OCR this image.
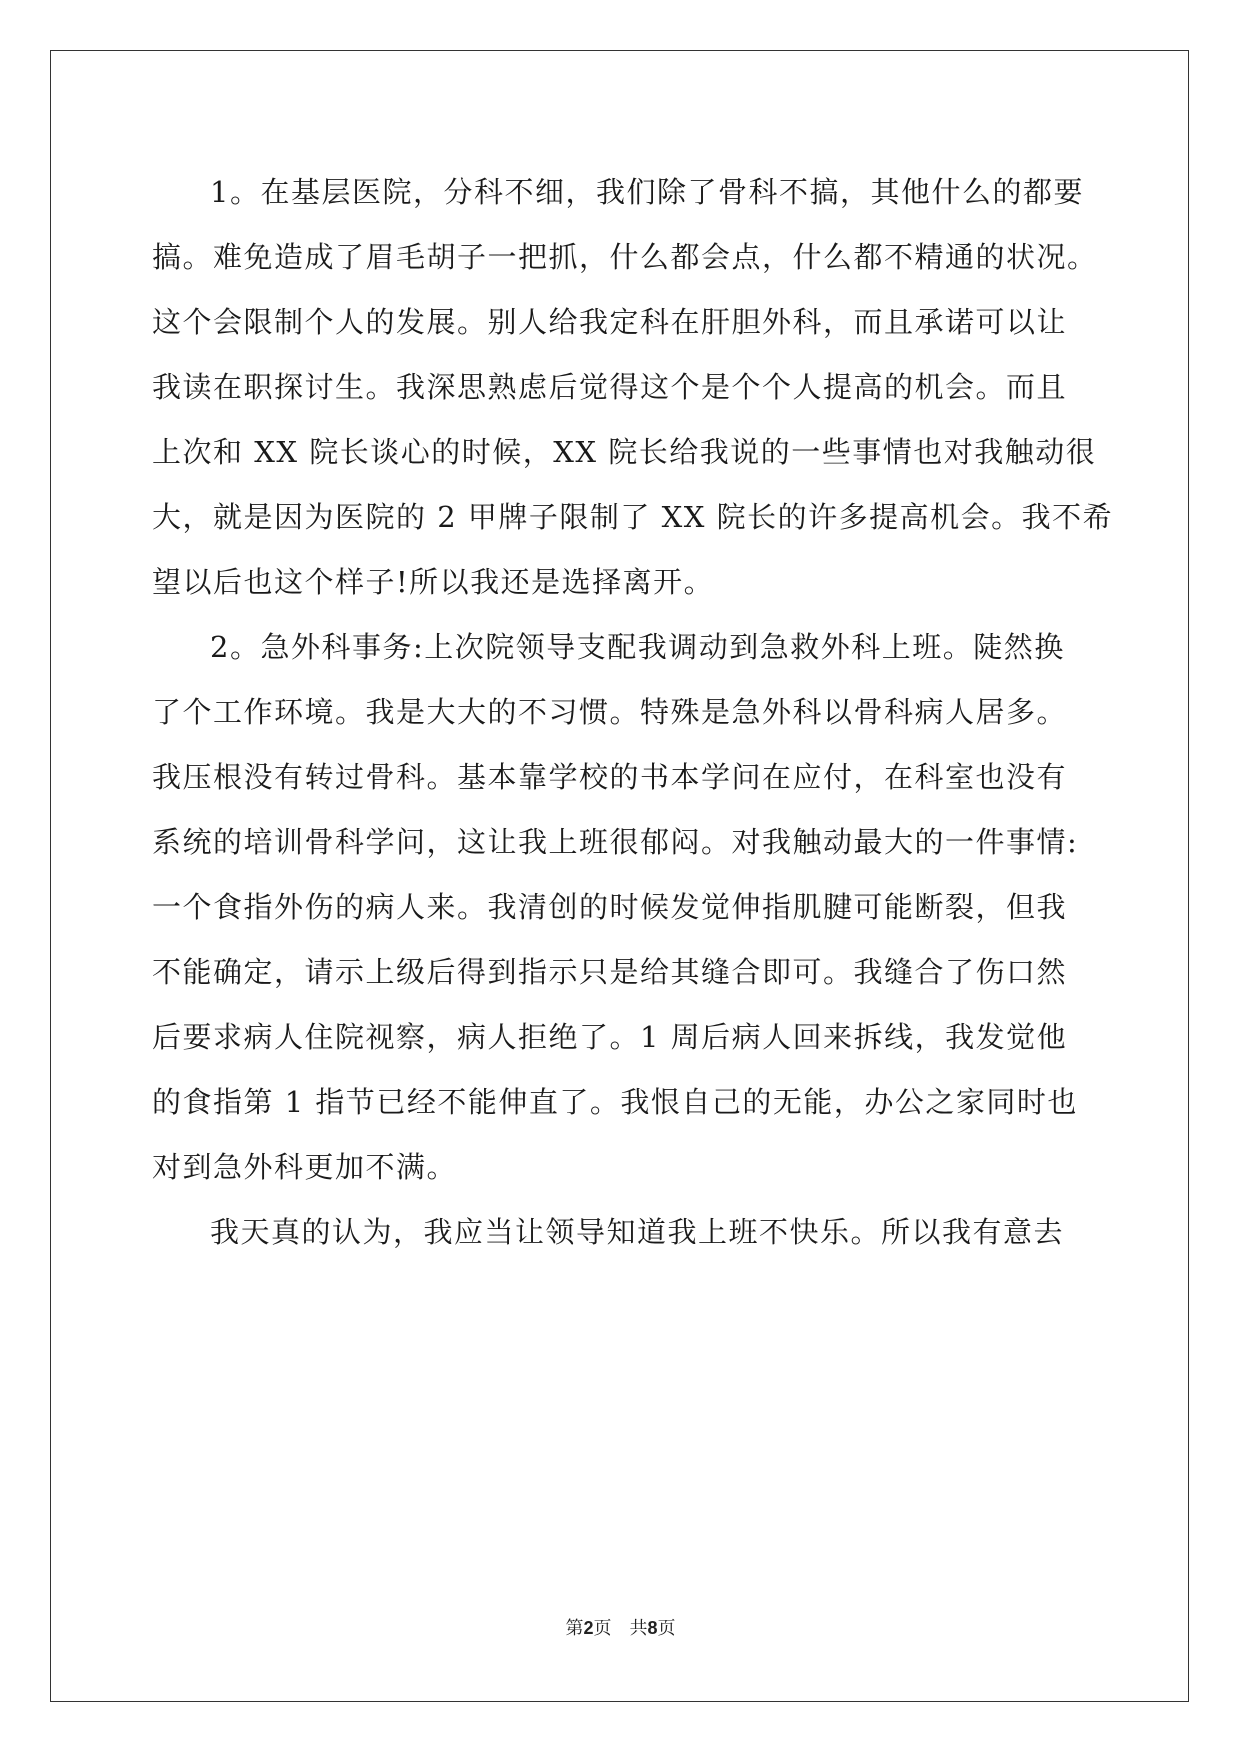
1。在基层医院，分科不细，我们除了骨科不搞，其他什么的都要
搞。难免造成了眉毛胡子一把抓，什么都会点，什么都不精通的状况。
这个会限制个人的发展。别人给我定科在肝胆外科，而且承诺可以让
我读在职探讨生。我深思熟虑后觉得这个是个个人提高的机会。而且
上次和 XX 院长谈心的时候，XX 院长给我说的一些事情也对我触动很
大，就是因为医院的 2 甲牌子限制了 XX 院长的许多提高机会。我不希
望以后也这个样子!所以我还是选择离开。
2。急外科事务:上次院领导支配我调动到急救外科上班。陡然换
了个工作环境。我是大大的不习惯。特殊是急外科以骨科病人居多。
我压根没有转过骨科。基本靠学校的书本学问在应付，在科室也没有
系统的培训骨科学问，这让我上班很郁闷。对我触动最大的一件事情:
一个食指外伤的病人来。我清创的时候发觉伸指肌腱可能断裂，但我
不能确定，请示上级后得到指示只是给其缝合即可。我缝合了伤口然
后要求病人住院视察，病人拒绝了。1 周后病人回来拆线，我发觉他
的食指第 1 指节已经不能伸直了。我恨自己的无能，办公之家同时也
对到急外科更加不满。
我天真的认为，我应当让领导知道我上班不快乐。所以我有意去
第2页　共8页
